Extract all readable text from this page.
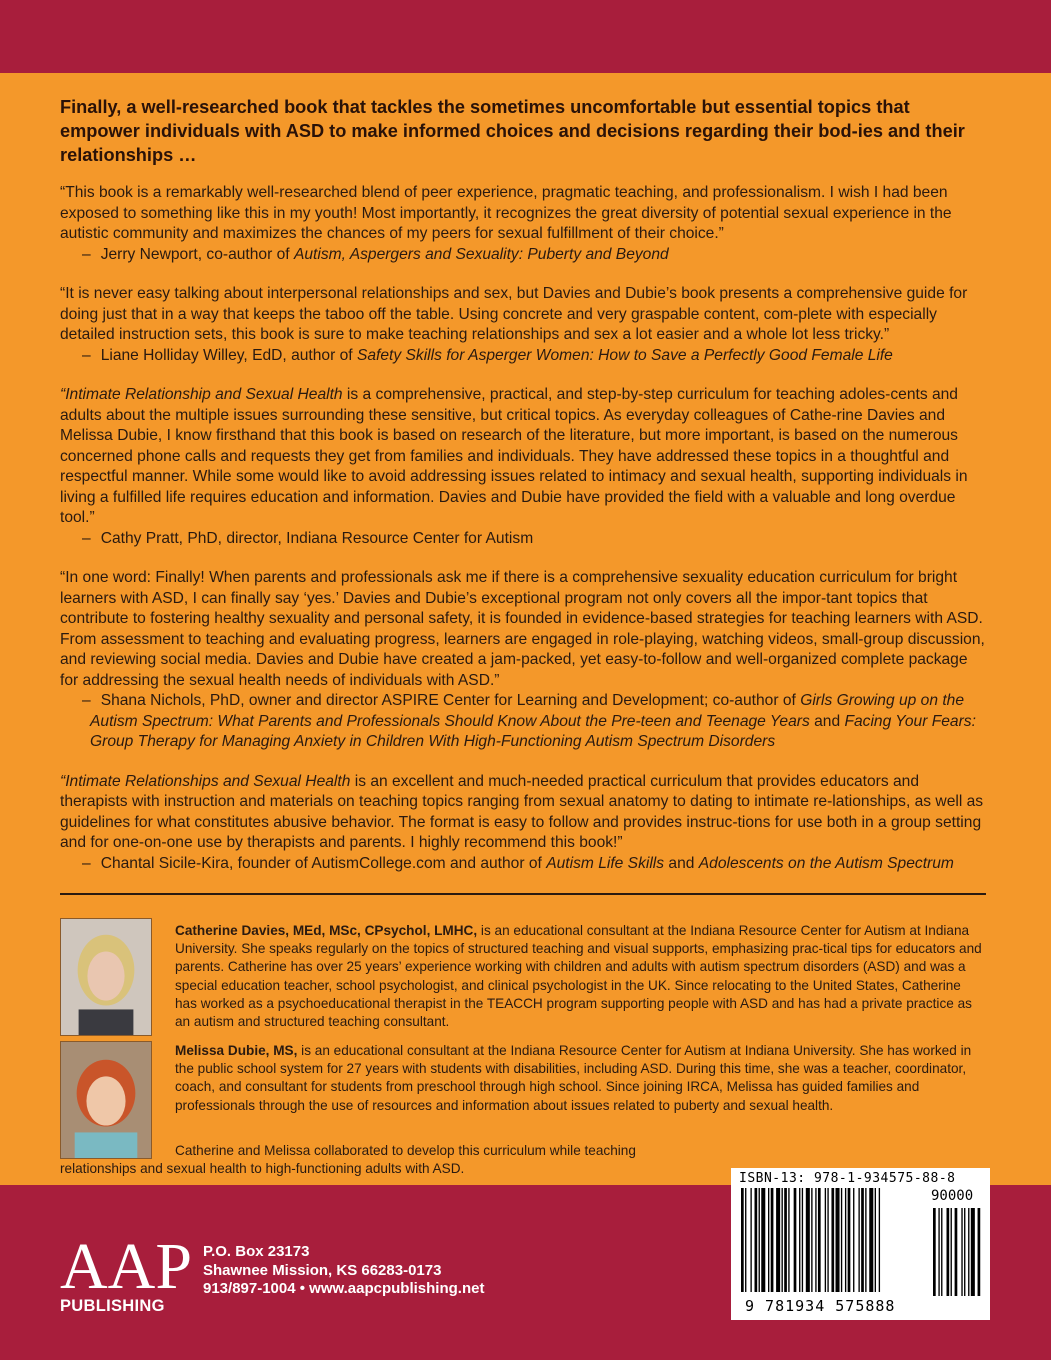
Finally, a well-researched book that tackles the sometimes uncomfortable but essential topics that empower individuals with ASD to make informed choices and decisions regarding their bod-ies and their relationships …

“This book is a remarkably well-researched blend of peer experience, pragmatic teaching, and professionalism. I wish I had been exposed to something like this in my youth! Most importantly, it recognizes the great diversity of potential sexual experience in the autistic community and maximizes the chances of my peers for sexual fulfillment of their choice.”
– Jerry Newport, co-author of Autism, Aspergers and Sexuality: Puberty and Beyond
“It is never easy talking about interpersonal relationships and sex, but Davies and Dubie’s book presents a comprehensive guide for doing just that in a way that keeps the taboo off the table. Using concrete and very graspable content, com-plete with especially detailed instruction sets, this book is sure to make teaching relationships and sex a lot easier and a whole lot less tricky.”
– Liane Holliday Willey, EdD, author of Safety Skills for Asperger Women: How to Save a Perfectly Good Female Life
“Intimate Relationship and Sexual Health is a comprehensive, practical, and step-by-step curriculum for teaching adoles-cents and adults about the multiple issues surrounding these sensitive, but critical topics. As everyday colleagues of Cathe-rine Davies and Melissa Dubie, I know firsthand that this book is based on research of the literature, but more important, is based on the numerous concerned phone calls and requests they get from families and individuals. They have addressed these topics in a thoughtful and respectful manner. While some would like to avoid addressing issues related to intimacy and sexual health, supporting individuals in living a fulfilled life requires education and information. Davies and Dubie have provided the field with a valuable and long overdue tool.”
– Cathy Pratt, PhD, director, Indiana Resource Center for Autism
“In one word: Finally! When parents and professionals ask me if there is a comprehensive sexuality education curriculum for bright learners with ASD, I can finally say ‘yes.’ Davies and Dubie’s exceptional program not only covers all the impor-tant topics that contribute to fostering healthy sexuality and personal safety, it is founded in evidence-based strategies for teaching learners with ASD. From assessment to teaching and evaluating progress, learners are engaged in role-playing, watching videos, small-group discussion, and reviewing social media. Davies and Dubie have created a jam-packed, yet easy-to-follow and well-organized complete package for addressing the sexual health needs of individuals with ASD.”
– Shana Nichols, PhD, owner and director ASPIRE Center for Learning and Development; co-author of Girls Growing up on the Autism Spectrum: What Parents and Professionals Should Know About the Pre-teen and Teenage Years and Facing Your Fears: Group Therapy for Managing Anxiety in Children With High-Functioning Autism Spectrum Disorders
“Intimate Relationships and Sexual Health is an excellent and much-needed practical curriculum that provides educators and therapists with instruction and materials on teaching topics ranging from sexual anatomy to dating to intimate re-lationships, as well as guidelines for what constitutes abusive behavior. The format is easy to follow and provides instruc-tions for use both in a group setting and for one-on-one use by therapists and parents. I highly recommend this book!”
– Chantal Sicile-Kira, founder of AutismCollege.com and author of Autism Life Skills and Adolescents on the Autism Spectrum
Catherine Davies, MEd, MSc, CPsychol, LMHC, is an educational consultant at the Indiana Resource Center for Autism at Indiana University. She speaks regularly on the topics of structured teaching and visual supports, emphasizing prac-tical tips for educators and parents. Catherine has over 25 years’ experience working with children and adults with autism spectrum disorders (ASD) and was a special education teacher, school psychologist, and clinical psychologist in the UK. Since relocating to the United States, Catherine has worked as a psychoeducational therapist in the TEACCH program supporting people with ASD and has had a private practice as an autism and structured teaching consultant.
Melissa Dubie, MS, is an educational consultant at the Indiana Resource Center for Autism at Indiana University. She has worked in the public school system for 27 years with students with disabilities, including ASD. During this time, she was a teacher, coordinator, coach, and consultant for students from preschool through high school. Since joining IRCA, Melissa has guided families and professionals through the use of resources and information about issues related to puberty and sexual health.
Catherine and Melissa collaborated to develop this curriculum while teaching
relationships and sexual health to high-functioning adults with ASD.
AAP
PUBLISHING
P.O. Box 23173
Shawnee Mission, KS 66283-0173
913/897-1004 • www.aapcpublishing.net
ISBN-13: 978-1-934575-88-8
90000
9 781934 575888
